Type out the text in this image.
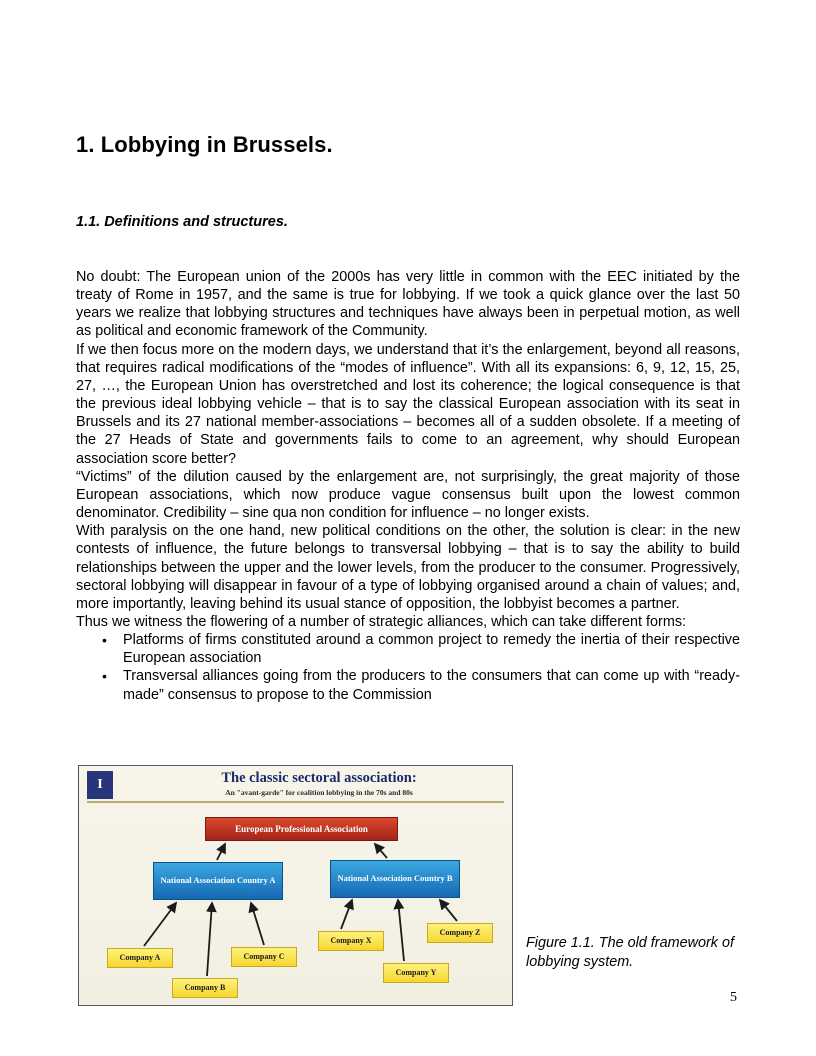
1. Lobbying in Brussels.
1.1. Definitions and structures.

No doubt: The European union of the 2000s has very little in common with the EEC initiated by the treaty of Rome in 1957, and the same is true for lobbying. If we took a quick glance over the last 50 years we realize that lobbying structures and techniques have always been in perpetual motion, as well as political and economic framework of the Community.

If we then focus more on the modern days, we understand that it’s the enlargement, beyond all reasons, that requires radical modifications of the “modes of influence”. With all its expansions: 6, 9, 12, 15, 25, 27, …, the European Union has overstretched and lost its coherence; the logical consequence is that the previous ideal lobbying vehicle – that is to say the classical European association with its seat in Brussels and its 27 national member-associations – becomes all of a sudden obsolete. If a meeting of the 27 Heads of State and governments fails to come to an agreement, why should European association score better?

“Victims” of the dilution caused by the enlargement are, not surprisingly, the great majority of those European associations, which now produce vague consensus built upon the lowest common denominator. Credibility – sine qua non condition for influence – no longer exists.

With paralysis on the one hand, new political conditions on the other, the solution is clear: in the new contests of influence, the future belongs to transversal lobbying – that is to say the ability to build relationships between the upper and the lower levels, from the producer to the consumer. Progressively, sectoral lobbying will disappear in favour of a type of lobbying organised around a chain of values; and, more importantly, leaving behind its usual stance of opposition, the lobbyist becomes a partner.

Thus we witness the flowering of a number of strategic alliances, which can take different forms:

• Platforms of firms constituted around a common project to remedy the inertia of their respective European association
• Transversal alliances going from the producers to the consumers that can come up with “ready-made” consensus to propose to the Commission
I	The classic sectoral association:
An "avant-garde" for coalition lobbying in the 70s and 80s
European Professional Association
National Association Country A	National Association Country B
Company A
Company B
Company C
Company X
Company Y
Company Z
Figure 1.1. The old framework of lobbying system.
5
